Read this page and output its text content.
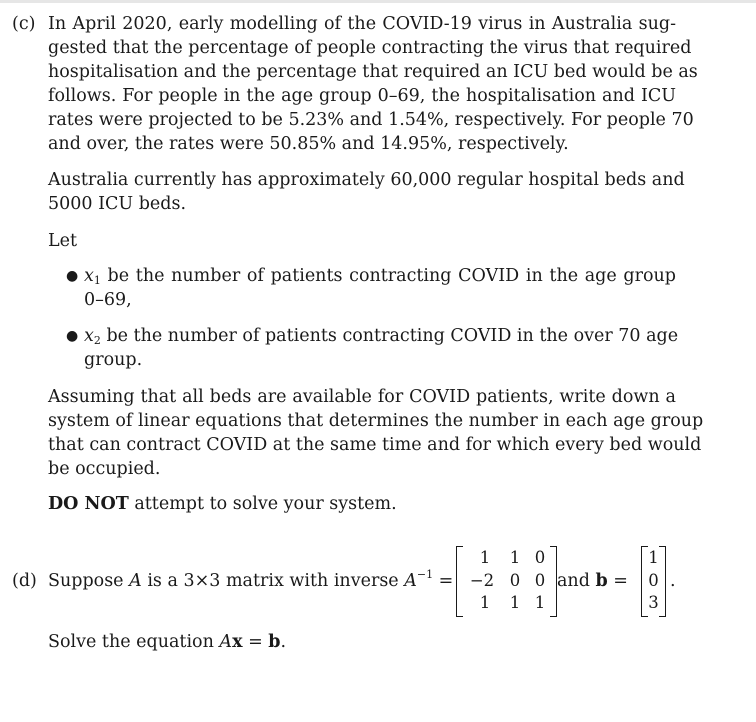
(c) In April 2020, early modelling of the COVID-19 virus in Australia sug-
gested that the percentage of people contracting the virus that required
hospitalisation and the percentage that required an ICU bed would be as
follows. For people in the age group 0–69, the hospitalisation and ICU
rates were projected to be 5.23% and 1.54%, respectively. For people 70
and over, the rates were 50.85% and 14.95%, respectively.
Australia currently has approximately 60,000 regular hospital beds and
5000 ICU beds.
Let
● $x_1$ be the number of patients contracting COVID in the age group
0–69,
● $x_2$ be the number of patients contracting COVID in the over 70 age
group.
Assuming that all beds are available for COVID patients, write down a
system of linear equations that determines the number in each age group
that can contract COVID at the same time and for which every bed would
be occupied.
DO NOT attempt to solve your system.
(d) Suppose A is a 3×3 matrix with inverse $A^{-1}$ =
1	1 0
−2 0 0
1	1 1
and b =
1
0
3
.
Solve the equation Ax = b.
